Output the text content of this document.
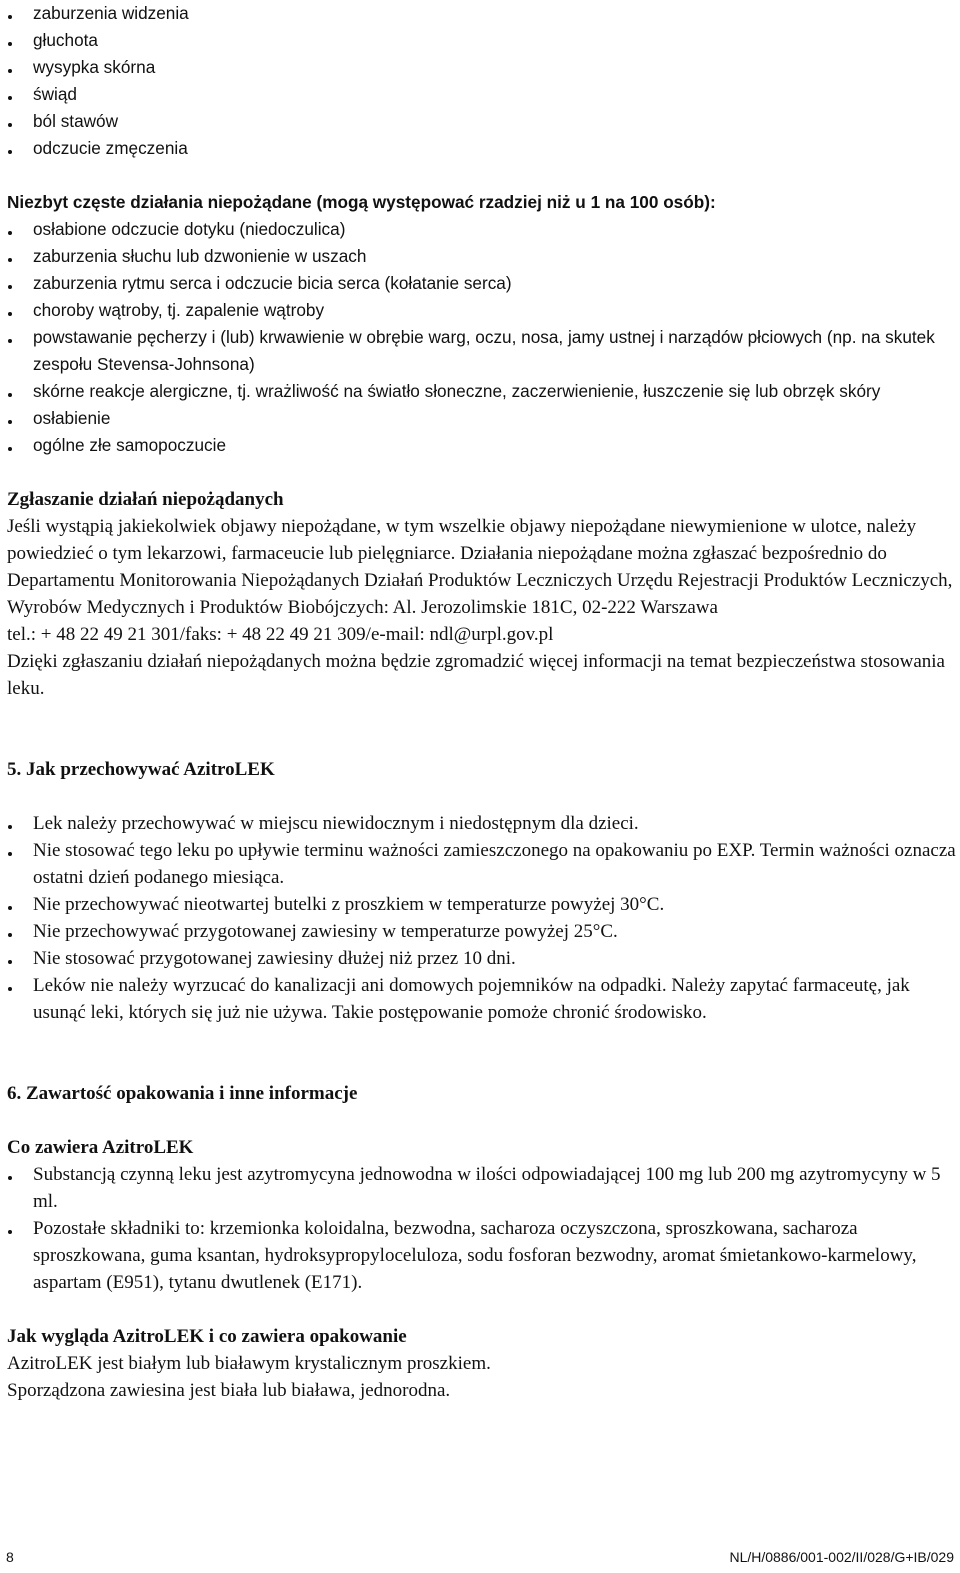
zaburzenia widzenia
głuchota
wysypka skórna
świąd
ból stawów
odczucie zmęczenia

Niezbyt częste działania niepożądane (mogą występować rzadziej niż u 1 na 100 osób):

osłabione odczucie dotyku (niedoczulica)
zaburzenia słuchu lub dzwonienie w uszach
zaburzenia rytmu serca i odczucie bicia serca (kołatanie serca)
choroby wątroby, tj. zapalenie wątroby
powstawanie pęcherzy i (lub) krwawienie w obrębie warg, oczu, nosa, jamy ustnej i narządów płciowych (np. na skutek zespołu Stevensa-Johnsona)
skórne reakcje alergiczne, tj. wrażliwość na światło słoneczne, zaczerwienienie, łuszczenie się lub obrzęk skóry
osłabienie
ogólne złe samopoczucie

Zgłaszanie działań niepożądanych

Jeśli wystąpią jakiekolwiek objawy niepożądane, w tym wszelkie objawy niepożądane niewymienione w ulotce, należy powiedzieć o tym lekarzowi, farmaceucie lub pielęgniarce. Działania niepożądane można zgłaszać bezpośrednio do Departamentu Monitorowania Niepożądanych Działań Produktów Leczniczych Urzędu Rejestracji Produktów Leczniczych, Wyrobów Medycznych i Produktów Biobójczych: Al. Jerozolimskie 181C, 02-222 Warszawa

tel.: + 48 22 49 21 301/faks: + 48 22 49 21 309/e-mail: ndl@urpl.gov.pl

Dzięki zgłaszaniu działań niepożądanych można będzie zgromadzić więcej informacji na temat bezpieczeństwa stosowania leku.

5. Jak przechowywać AzitroLEK

Lek należy przechowywać w miejscu niewidocznym i niedostępnym dla dzieci.
Nie stosować tego leku po upływie terminu ważności zamieszczonego na opakowaniu po EXP. Termin ważności oznacza ostatni dzień podanego miesiąca.
Nie przechowywać nieotwartej butelki z proszkiem w temperaturze powyżej 30°C.
Nie przechowywać przygotowanej zawiesiny w temperaturze powyżej 25°C.
Nie stosować przygotowanej zawiesiny dłużej niż przez 10 dni.
Leków nie należy wyrzucać do kanalizacji ani domowych pojemników na odpadki. Należy zapytać farmaceutę, jak usunąć leki, których się już nie używa. Takie postępowanie pomoże chronić środowisko.

6. Zawartość opakowania i inne informacje

Co zawiera AzitroLEK

Substancją czynną leku jest azytromycyna jednowodna w ilości odpowiadającej 100 mg lub 200 mg azytromycyny w 5 ml.
Pozostałe składniki to: krzemionka koloidalna, bezwodna, sacharoza oczyszczona, sproszkowana, sacharoza sproszkowana, guma ksantan, hydroksypropyloceluloza, sodu fosforan bezwodny, aromat śmietankowo-karmelowy, aspartam (E951), tytanu dwutlenek (E171).

Jak wygląda AzitroLEK i co zawiera opakowanie

AzitroLEK jest białym lub białawym krystalicznym proszkiem.

Sporządzona zawiesina jest biała lub biaława, jednorodna.

8	NL/H/0886/001-002/II/028/G+IB/029
